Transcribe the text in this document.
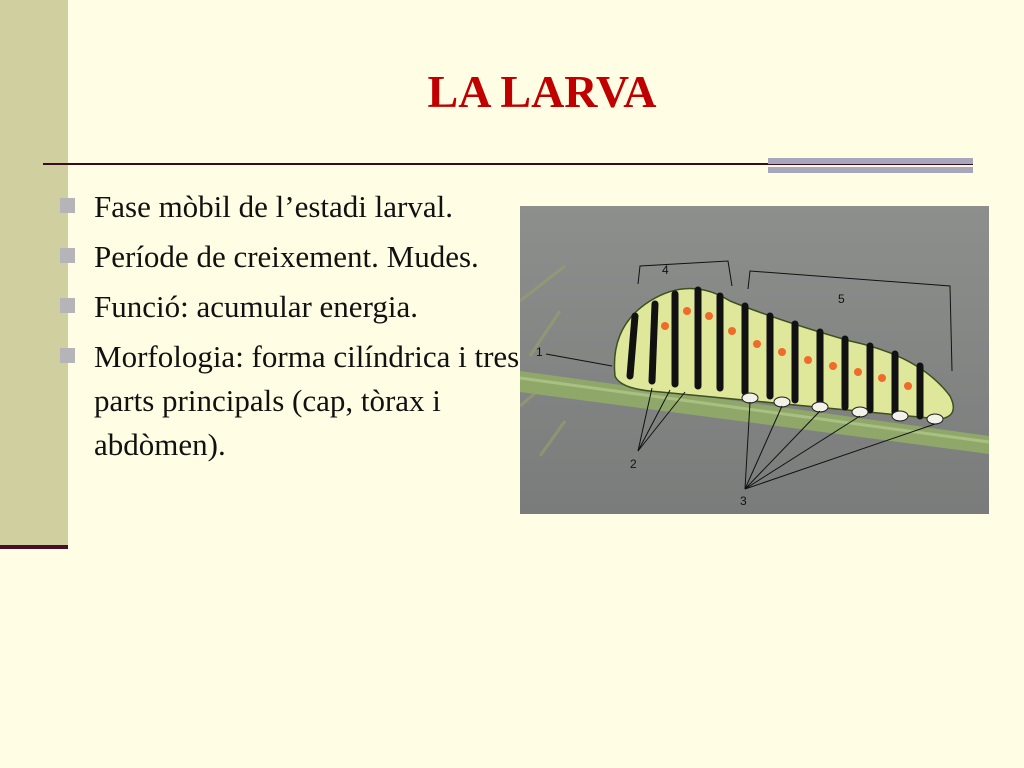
LA LARVA
Fase mòbil de l’estadi larval.
Període de creixement. Mudes.
Funció: acumular energia.
Morfologia: forma cilíndrica i tres parts principals (cap, tòrax i abdòmen).
1
2
3
4
5
